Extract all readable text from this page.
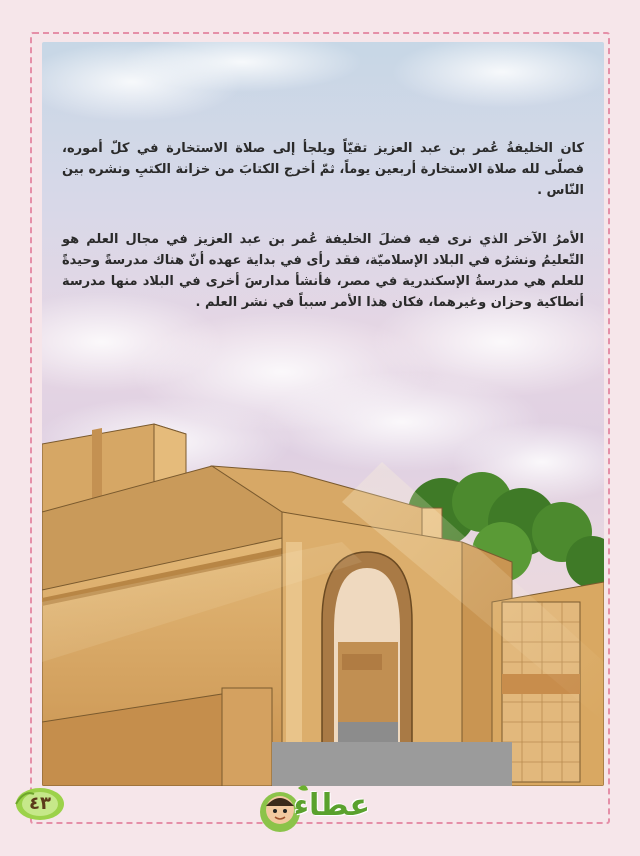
كان الخليفةُ عُمر بن عبد العزيز تقيّاً ويلجأ إلى صلاة الاستخارة في كلّ أموره، فصلّى لله صلاة الاستخارة أربعين يوماً، ثمّ أخرج الكتابَ من خزانة الكتبِ ونشره بين النّاس .

الأمرُ الآخر الذي نرى فيه فضلَ الخليفة عُمر بن عبد العزيز في مجال العلم هو التّعليمُ ونشرُه في البلاد الإسلاميّة، فقد رأى في بداية عهده أنّ هناك مدرسةً وحيدةً للعلم هي مدرسةُ الإسكندرية في مصر، فأنشأ مدارسَ أخرى في البلاد منها مدرسة أنطاكية وحزان وغيرهما، فكان هذا الأمر سبباً في نشر العلم .

٤٣	عطاء
